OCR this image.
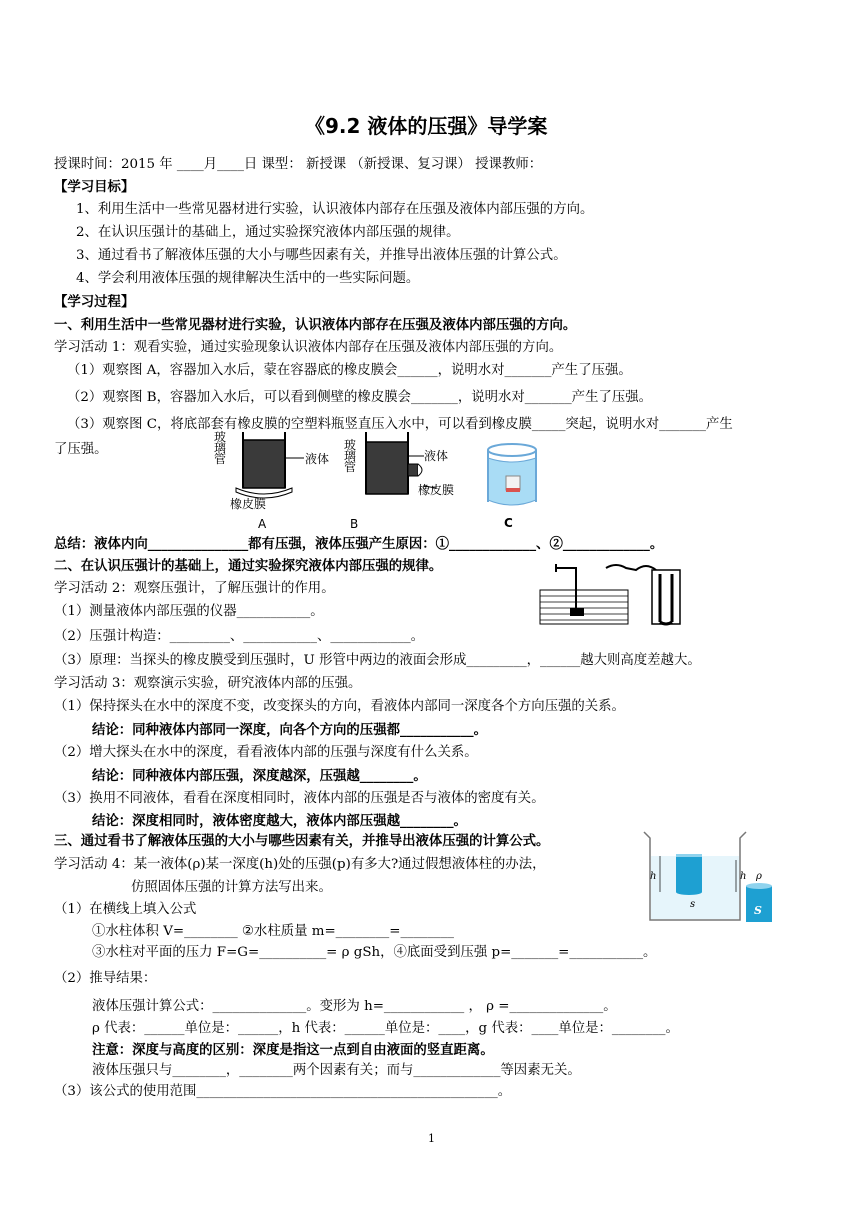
《9.2 液体的压强》导学案
授课时间：2015 年 ____月____日 课型： 新授课 （新授课、复习课） 授课教师：
【学习目标】
1、利用生活中一些常见器材进行实验，认识液体内部存在压强及液体内部压强的方向。
2、在认识压强计的基础上，通过实验探究液体内部压强的规律。
3、通过看书了解液体压强的大小与哪些因素有关，并推导出液体压强的计算公式。
4、学会利用液体压强的规律解决生活中的一些实际问题。
【学习过程】
一、利用生活中一些常见器材进行实验，认识液体内部存在压强及液体内部压强的方向。
学习活动 1：观看实验，通过实验现象认识液体内部存在压强及液体内部压强的方向。
（1）观察图 A，容器加入水后，蒙在容器底的橡皮膜会______，说明水对_______产生了压强。
（2）观察图 B，容器加入水后，可以看到侧壁的橡皮膜会_______，说明水对_______产生了压强。
（3）观察图 C，将底部套有橡皮膜的空塑料瓶竖直压入水中，可以看到橡皮膜_____突起，说明水对_______产生
了压强。
玻
璃
管	液体
橡皮膜
A
玻
璃
管
液体
橡皮膜
B	C
总结：液体内向_______________都有压强，液体压强产生原因：①_____________、②_____________。
二、在认识压强计的基础上，通过实验探究液体内部压强的规律。
学习活动 2：观察压强计，了解压强计的作用。
（1）测量液体内部压强的仪器___________。
（2）压强计构造：_________、___________、____________。
（3）原理：当探头的橡皮膜受到压强时，U 形管中两边的液面会形成_________，______越大则高度差越大。
学习活动 3：观察演示实验，研究液体内部的压强。
（1）保持探头在水中的深度不变，改变探头的方向，看液体内部同一深度各个方向压强的关系。
结论：同种液体内部同一深度，向各个方向的压强都___________。
（2）增大探头在水中的深度，看看液体内部的压强与深度有什么关系。
结论：同种液体内部压强，深度越深，压强越________。
（3）换用不同液体，看看在深度相同时，液体内部的压强是否与液体的密度有关。
结论：深度相同时，液体密度越大，液体内部压强越________。
三、通过看书了解液体压强的大小与哪些因素有关，并推导出液体压强的计算公式。
学习活动 4：某一液体(ρ)某一深度(h)处的压强(p)有多大?通过假想液体柱的办法，
仿照固体压强的计算方法写出来。
h	h
s
ρ
S
（1）在横线上填入公式
①水柱体积 V=________ ②水柱质量 m=________=________
③水柱对平面的压力 F=G=__________= ρ gSh，④底面受到压强 p=_______=___________。
（2）推导结果：
液体压强计算公式：______________。变形为 h=____________ ， ρ =______________。
ρ 代表：______单位是：______，h 代表：______单位是：____，g 代表：____单位是：________。
注意：深度与高度的区别：深度是指这一点到自由液面的竖直距离。
液体压强只与________，________两个因素有关；而与_____________等因素无关。
（3）该公式的使用范围_____________________________________________。
1
